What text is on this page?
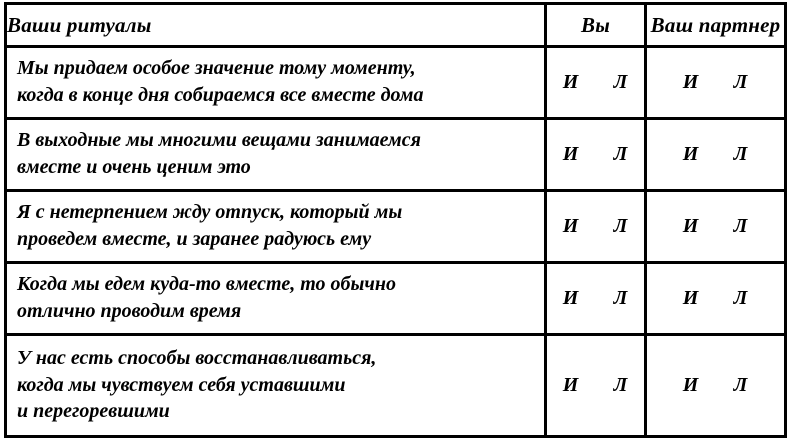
Ваши ритуалы	Вы	Ваш партнер

Мы придаем особое значение тому моменту,
когда в конце дня собираемся все вместе дома	И Л	И Л

В выходные мы многими вещами занимаемся
вместе и очень ценим это	И Л	И Л

Я с нетерпением жду отпуск, который мы
проведем вместе, и заранее радуюсь ему	И Л	И Л

Когда мы едем куда-то вместе, то обычно
отлично проводим время	И Л	И Л

У нас есть способы восстанавливаться,
когда мы чувствуем себя уставшими
и перегоревшими	И Л	И Л
